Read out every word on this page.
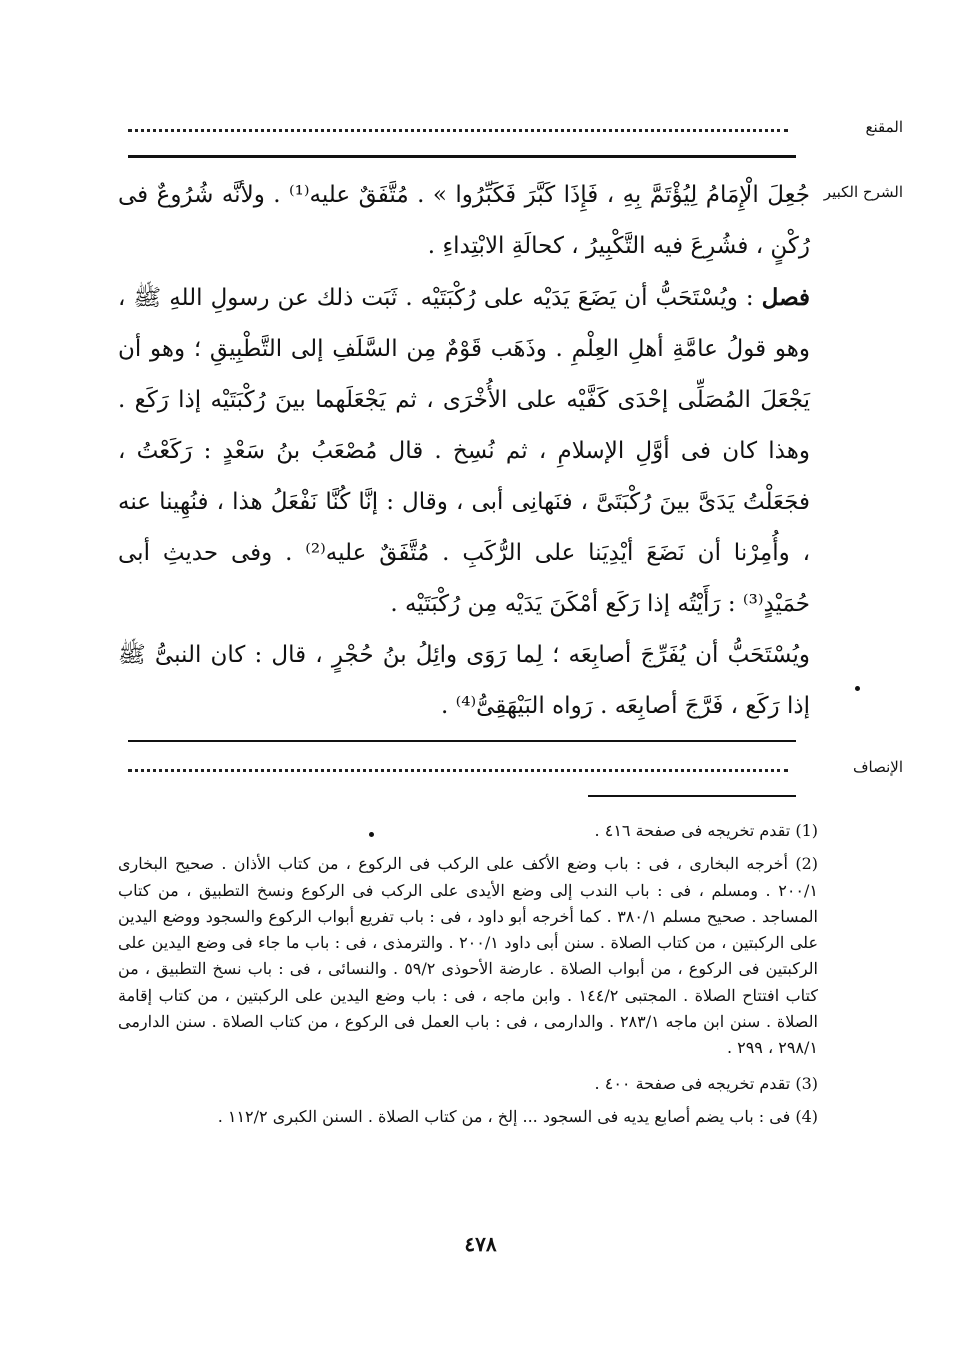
المقنع
الشرح الكبير

جُعِلَ الْإِمَامُ لِيُؤْتَمَّ بِهِ ، فَإِذَا كَبَّرَ فَكَبِّرُوا » . مُتَّفَقٌ عليه⁽¹⁾ . ولأنَّه شُرُوعٌ فى رُكْنٍ ، فشُرِعَ فيه التَّكْبِيرُ ، كحالَةِ الابْتِداءِ .

فصل : ويُسْتَحَبُّ أن يَضَعَ يَدَيْه على رُكْبَتَيْه . ثَبَت ذلك عن رسولِ اللهِ ﷺ ، وهو قولُ عامَّةِ أهلِ العِلْمِ . وذَهَب قَوْمٌ مِن السَّلَفِ إلى التَّطْبِيقِ ؛ وهو أن يَجْعَلَ المُصَلِّى إحْدَى كَفَّيْه على الأُخْرَى ، ثم يَجْعَلَهما بينَ رُكْبَتَيْه إذا رَكَع . وهذا كان فى أوَّلِ الإسلامِ ، ثم نُسِخ . قال مُصْعَبُ بنُ سَعْدٍ : رَكَعْتُ ، فجَعَلْتُ يَدَىَّ بينَ رُكْبَتَىَّ ، فنَهانِى أبى ، وقال : إنَّا كُنَّا نَفْعَلُ هذا ، فنُهِينا عنه ، وأُمِرْنا أن نَضَعَ أيْدِيَنا على الرُّكَبِ . مُتَّفَقٌ عليه⁽²⁾ . وفى حديثِ أبى حُمَيْدٍ⁽³⁾ : رَأَيْتُه إذا رَكَع أمْكَنَ يَدَيْه مِن رُكْبَتَيْه .

ويُسْتَحَبُّ أن يُفَرِّجَ أصابِعَه ؛ لِما رَوَى وائِلُ بنُ حُجْرٍ ، قال : كان النبىُّ ﷺ إذا رَكَع ، فَرَّجَ أصابِعَه . رَواه البَيْهَقِىُّ⁽⁴⁾ .

الإنصاف

(1) تقدم تخريجه فى صفحة ٤١٦ .

(2) أخرجه البخارى ، فى : باب وضع الأكف على الركب فى الركوع ، من كتاب الأذان . صحيح البخارى ٢٠٠/١ . ومسلم ، فى : باب الندب إلى وضع الأيدى على الركب فى الركوع ونسخ التطبيق ، من كتاب المساجد . صحيح مسلم ٣٨٠/١ . كما أخرجه أبو داود ، فى : باب تفريع أبواب الركوع والسجود ووضع اليدين على الركبتين ، من كتاب الصلاة . سنن أبى داود ٢٠٠/١ . والترمذى ، فى : باب ما جاء فى وضع اليدين على الركبتين فى الركوع ، من أبواب الصلاة . عارضة الأحوذى ٥٩/٢ . والنسائى ، فى : باب نسخ التطبيق ، من كتاب افتتاح الصلاة . المجتبى ١٤٤/٢ . وابن ماجه ، فى : باب وضع اليدين على الركبتين ، من كتاب إقامة الصلاة . سنن ابن ماجه ٢٨٣/١ . والدارمى ، فى : باب العمل فى الركوع ، من كتاب الصلاة . سنن الدارمى ٢٩٨/١ ، ٢٩٩ .

(3) تقدم تخريجه فى صفحة ٤٠٠ .

(4) فى : باب يضم أصابع يديه فى السجود ... إلخ ، من كتاب الصلاة . السنن الكبرى ١١٢/٢ .

٤٧٨
